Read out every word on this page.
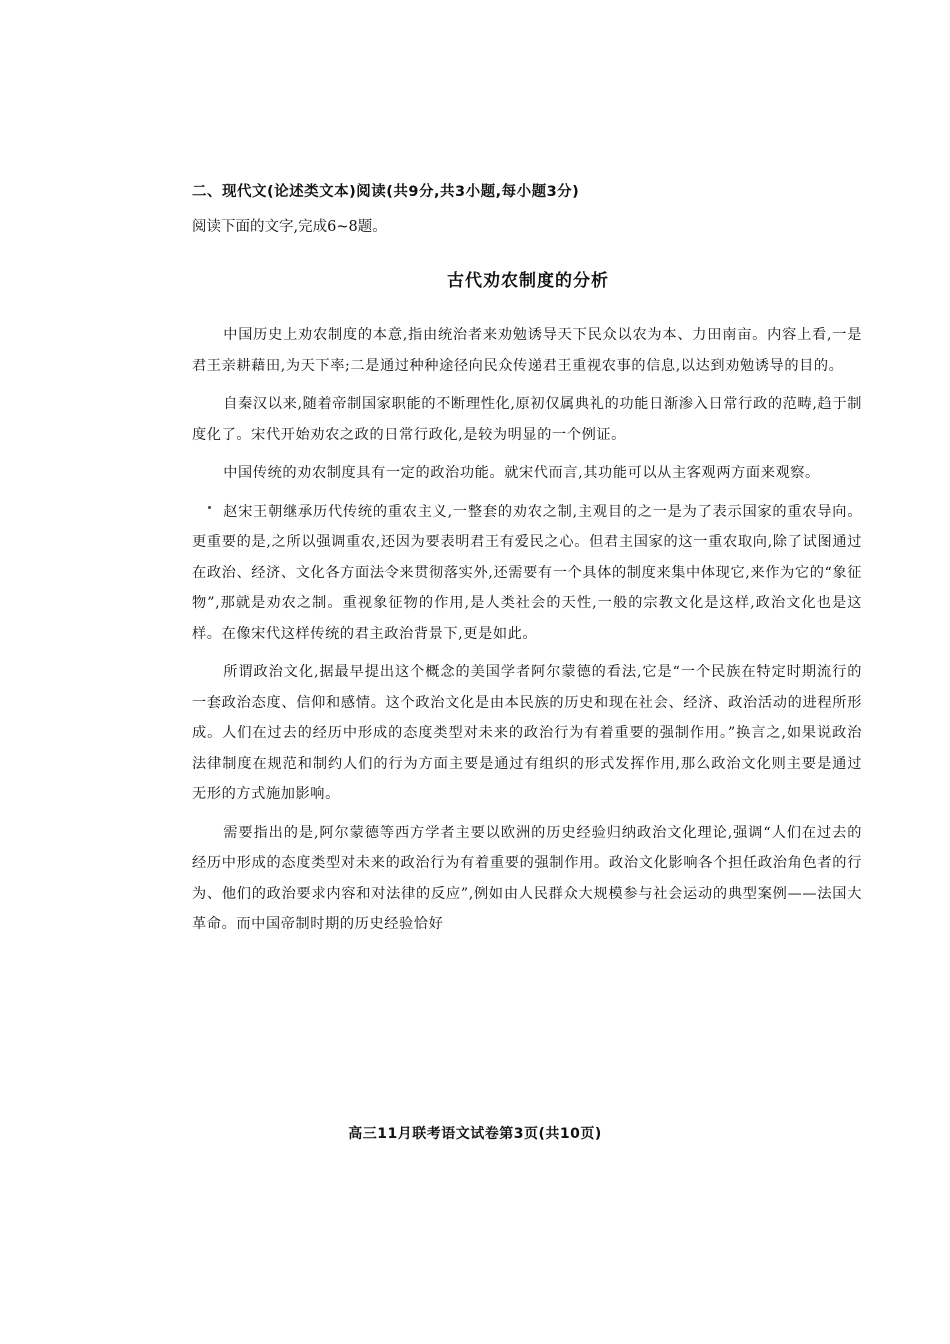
二、现代文(论述类文本)阅读(共9分,共3小题,每小题3分)
阅读下面的文字,完成6~8题。
古代劝农制度的分析

中国历史上劝农制度的本意,指由统治者来劝勉诱导天下民众以农为本、力田南亩。内容上看,一是君王亲耕藉田,为天下率;二是通过种种途径向民众传递君王重视农事的信息,以达到劝勉诱导的目的。

自秦汉以来,随着帝制国家职能的不断理性化,原初仅属典礼的功能日渐渗入日常行政的范畴,趋于制度化了。宋代开始劝农之政的日常行政化,是较为明显的一个例证。

中国传统的劝农制度具有一定的政治功能。就宋代而言,其功能可以从主客观两方面来观察。

赵宋王朝继承历代传统的重农主义,一整套的劝农之制,主观目的之一是为了表示国家的重农导向。更重要的是,之所以强调重农,还因为要表明君王有爱民之心。但君主国家的这一重农取向,除了试图通过在政治、经济、文化各方面法令来贯彻落实外,还需要有一个具体的制度来集中体现它,来作为它的“象征物”,那就是劝农之制。重视象征物的作用,是人类社会的天性,一般的宗教文化是这样,政治文化也是这样。在像宋代这样传统的君主政治背景下,更是如此。

所谓政治文化,据最早提出这个概念的美国学者阿尔蒙德的看法,它是“一个民族在特定时期流行的一套政治态度、信仰和感情。这个政治文化是由本民族的历史和现在社会、经济、政治活动的进程所形成。人们在过去的经历中形成的态度类型对未来的政治行为有着重要的强制作用。”换言之,如果说政治法律制度在规范和制约人们的行为方面主要是通过有组织的形式发挥作用,那么政治文化则主要是通过无形的方式施加影响。

需要指出的是,阿尔蒙德等西方学者主要以欧洲的历史经验归纳政治文化理论,强调“人们在过去的经历中形成的态度类型对未来的政治行为有着重要的强制作用。政治文化影响各个担任政治角色者的行为、他们的政治要求内容和对法律的反应”,例如由人民群众大规模参与社会运动的典型案例——法国大革命。而中国帝制时期的历史经验恰好

高三11月联考语文试卷第3页(共10页)
